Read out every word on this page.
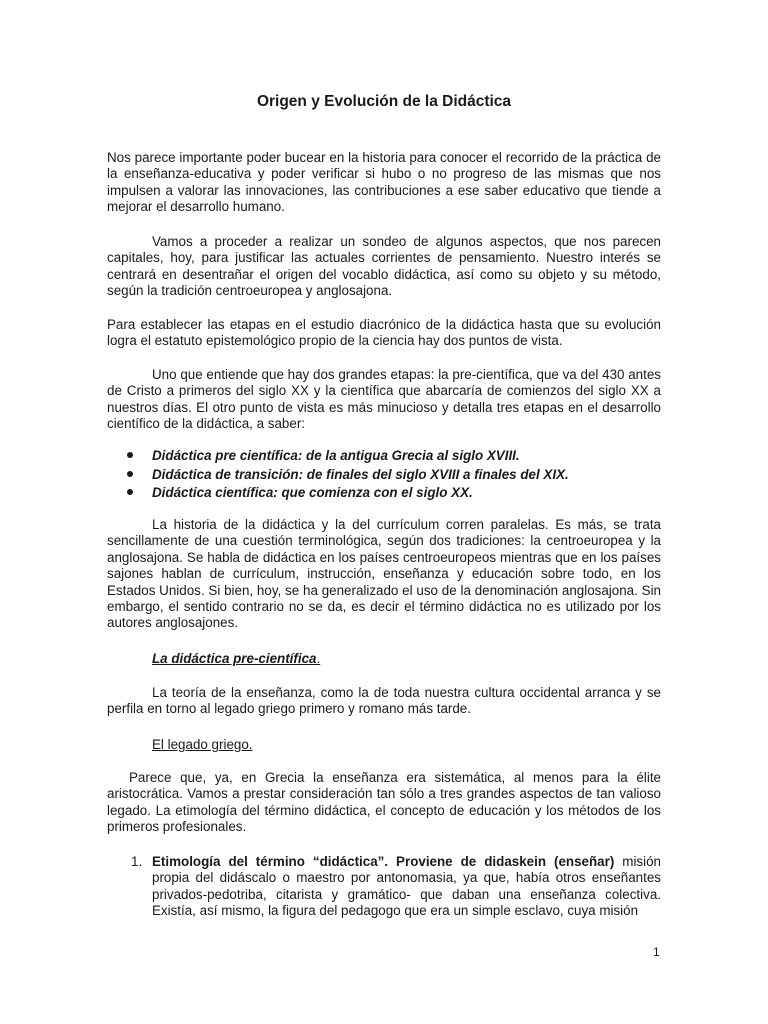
Origen y Evolución de la Didáctica

Nos parece importante poder bucear en la historia para conocer el recorrido de la práctica de la enseñanza-educativa y poder verificar si hubo o no progreso de las mismas que nos impulsen a valorar las innovaciones, las contribuciones a ese saber educativo que tiende a mejorar el desarrollo humano.

Vamos a proceder a realizar un sondeo de algunos aspectos, que nos parecen capitales, hoy, para justificar las actuales corrientes de pensamiento. Nuestro interés se centrará en desentrañar el origen del vocablo didáctica, así como su objeto y su método, según la tradición centroeuropea y anglosajona.

Para establecer las etapas en el estudio diacrónico de la didáctica hasta que su evolución logra el estatuto epistemológico propio de la ciencia hay dos puntos de vista.

Uno que entiende que hay dos grandes etapas: la pre-científica, que va del 430 antes de Cristo a primeros del siglo XX y la científica que abarcaría de comienzos del siglo XX a nuestros días. El otro punto de vista es más minucioso y detalla tres etapas en el desarrollo científico de la didáctica, a saber:

Didáctica pre científica: de la antigua Grecia al siglo XVIII.
Didáctica de transición: de finales del siglo XVIII a finales del XIX.
Didáctica científica: que comienza con el siglo XX.

La historia de la didáctica y la del currículum corren paralelas. Es más, se trata sencillamente de una cuestión terminológica, según dos tradiciones: la centroeuropea y la anglosajona. Se habla de didáctica en los países centroeuropeos mientras que en los países sajones hablan de currículum, instrucción, enseñanza y educación sobre todo, en los Estados Unidos. Si bien, hoy, se ha generalizado el uso de la denominación anglosajona. Sin embargo, el sentido contrario no se da, es decir el término didáctica no es utilizado por los autores anglosajones.

La didáctica pre-científica.

La teoría de la enseñanza, como la de toda nuestra cultura occidental arranca y se perfila en torno al legado griego primero y romano más tarde.

El legado griego.

Parece que, ya, en Grecia la enseñanza era sistemática, al menos para la élite aristocrática. Vamos a prestar consideración tan sólo a tres grandes aspectos de tan valioso legado. La etimología del término didáctica, el concepto de educación y los métodos de los primeros profesionales.

1. Etimología del término “didáctica”. Proviene de didaskein (enseñar) misión propia del didáscalo o maestro por antonomasia, ya que, había otros enseñantes privados-pedotriba, citarista y gramático- que daban una enseñanza colectiva. Existía, así mismo, la figura del pedagogo que era un simple esclavo, cuya misión
1
